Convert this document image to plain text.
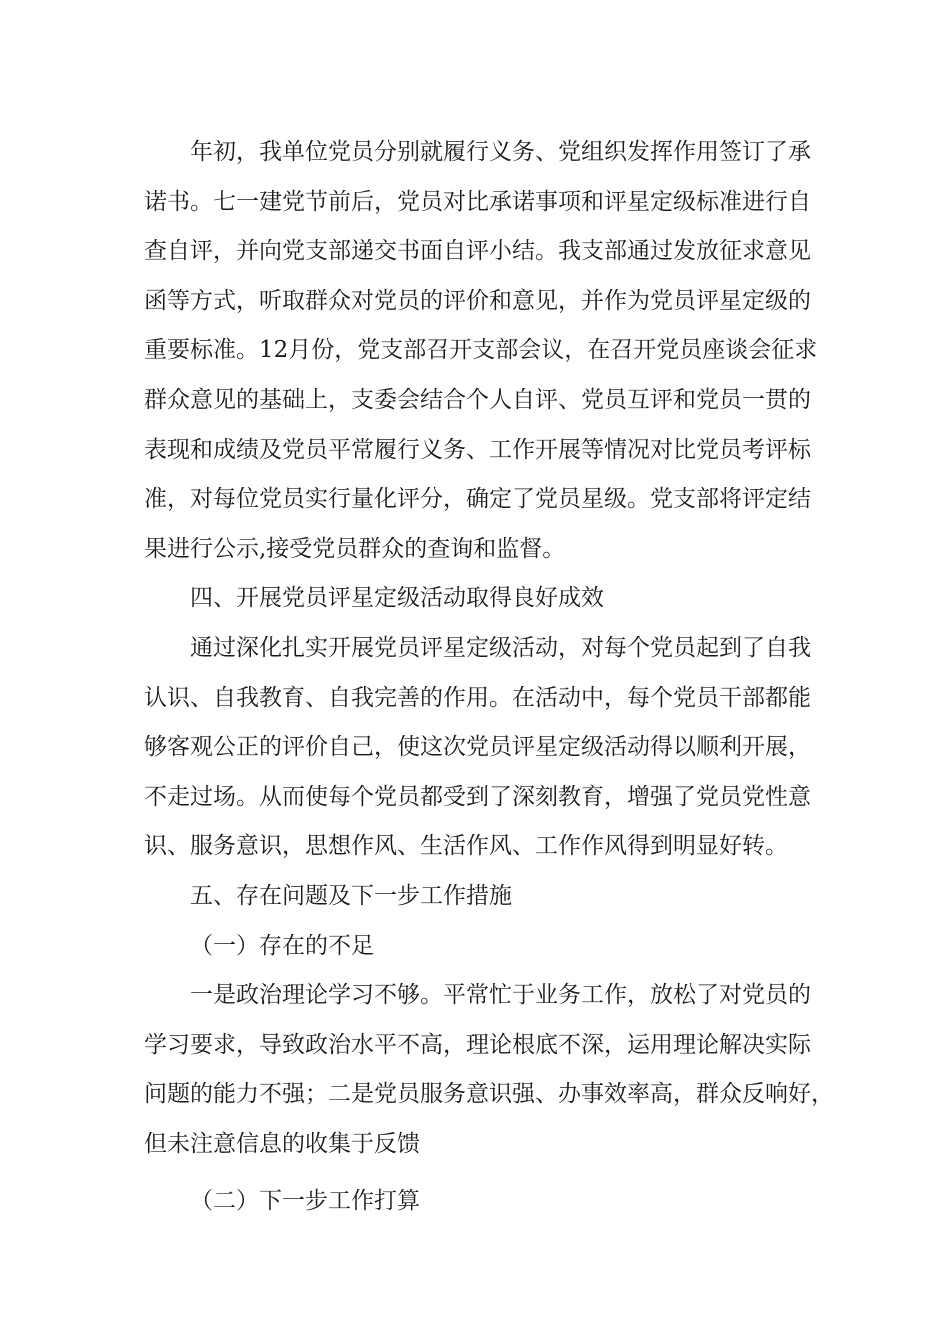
年初，我单位党员分别就履行义务、党组织发挥作用签订了承
诺书。七一建党节前后，党员对比承诺事项和评星定级标准进行自
查自评，并向党支部递交书面自评小结。我支部通过发放征求意见
函等方式，听取群众对党员的评价和意见，并作为党员评星定级的
重要标准。12月份，党支部召开支部会议，在召开党员座谈会征求
群众意见的基础上，支委会结合个人自评、党员互评和党员一贯的
表现和成绩及党员平常履行义务、工作开展等情况对比党员考评标
准，对每位党员实行量化评分，确定了党员星级。党支部将评定结
果进行公示,接受党员群众的查询和监督。
四、开展党员评星定级活动取得良好成效
通过深化扎实开展党员评星定级活动，对每个党员起到了自我
认识、自我教育、自我完善的作用。在活动中，每个党员干部都能
够客观公正的评价自己，使这次党员评星定级活动得以顺利开展，
不走过场。从而使每个党员都受到了深刻教育，增强了党员党性意
识、服务意识，思想作风、生活作风、工作作风得到明显好转。
五、存在问题及下一步工作措施
（一）存在的不足
一是政治理论学习不够。平常忙于业务工作，放松了对党员的
学习要求，导致政治水平不高，理论根底不深，运用理论解决实际
问题的能力不强；二是党员服务意识强、办事效率高，群众反响好，
但未注意信息的收集于反馈
（二）下一步工作打算
